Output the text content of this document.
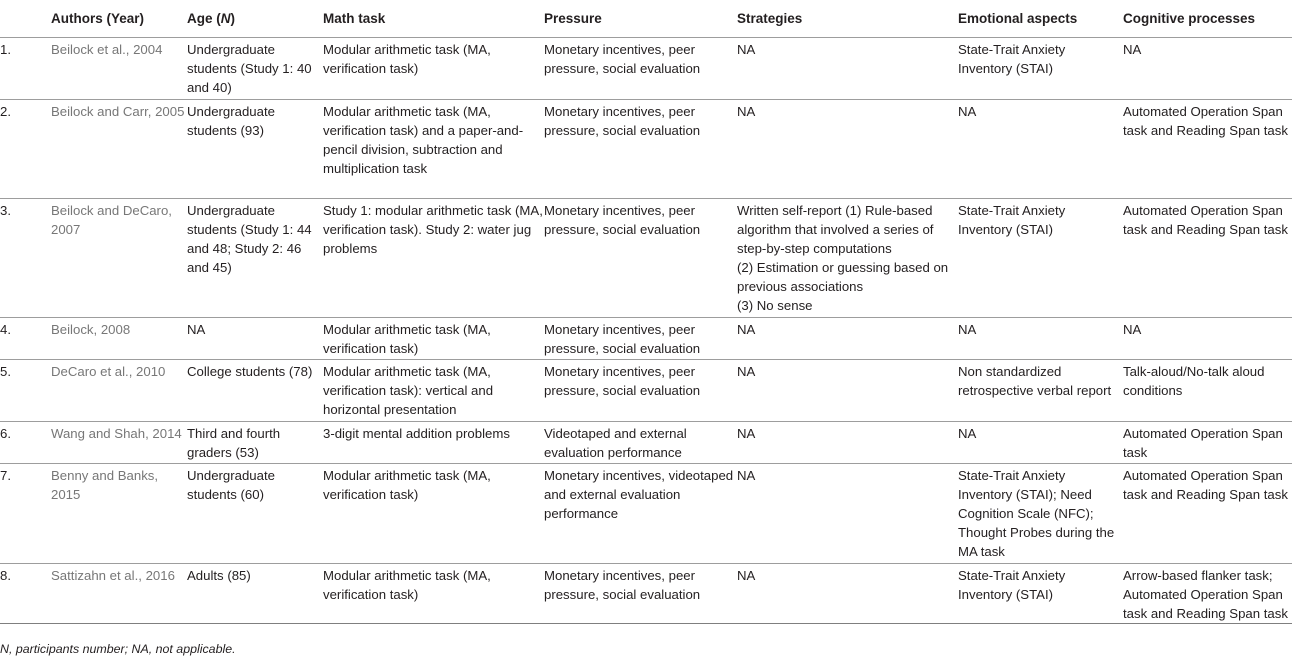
	Authors (Year)	Age (N)	Math task	Pressure	Strategies	Emotional aspects	Cognitive processes

1.	Beilock et al., 2004	Undergraduate students (Study 1: 40 and 40)	Modular arithmetic task (MA, verification task)	Monetary incentives, peer pressure, social evaluation	NA	State-Trait Anxiety Inventory (STAI)	NA

2.	Beilock and Carr, 2005	Undergraduate students (93)	Modular arithmetic task (MA, verification task) and a paper-and- pencil division, subtraction and multiplication task	Monetary incentives, peer pressure, social evaluation	NA	NA	Automated Operation Span task and Reading Span task

3.	Beilock and DeCaro, 2007	Undergraduate students (Study 1: 44 and 48; Study 2: 46 and 45)	Study 1: modular arithmetic task (MA, verification task). Study 2: water jug problems	Monetary incentives, peer pressure, social evaluation	Written self-report (1) Rule-based algorithm that involved a series of step-by-step computations
(2) Estimation or guessing based on previous associations
(3) No sense	State-Trait Anxiety Inventory (STAI)	Automated Operation Span task and Reading Span task

4.	Beilock, 2008	NA	Modular arithmetic task (MA, verification task)	Monetary incentives, peer pressure, social evaluation	NA	NA	NA

5.	DeCaro et al., 2010	College students (78)	Modular arithmetic task (MA, verification task): vertical and horizontal presentation	Monetary incentives, peer pressure, social evaluation	NA	Non standardized retrospective verbal report	Talk-aloud/No-talk aloud conditions

6.	Wang and Shah, 2014	Third and fourth graders (53)	3-digit mental addition problems	Videotaped and external evaluation performance	NA	NA	Automated Operation Span task

7.	Benny and Banks, 2015	Undergraduate students (60)	Modular arithmetic task (MA, verification task)	Monetary incentives, videotaped and external evaluation performance	NA	State-Trait Anxiety Inventory (STAI); Need Cognition Scale (NFC); Thought Probes during the MA task	Automated Operation Span task and Reading Span task

8.	Sattizahn et al., 2016	Adults (85)	Modular arithmetic task (MA, verification task)	Monetary incentives, peer pressure, social evaluation	NA	State-Trait Anxiety Inventory (STAI)	Arrow-based flanker task; Automated Operation Span task and Reading Span task
N, participants number; NA, not applicable.
